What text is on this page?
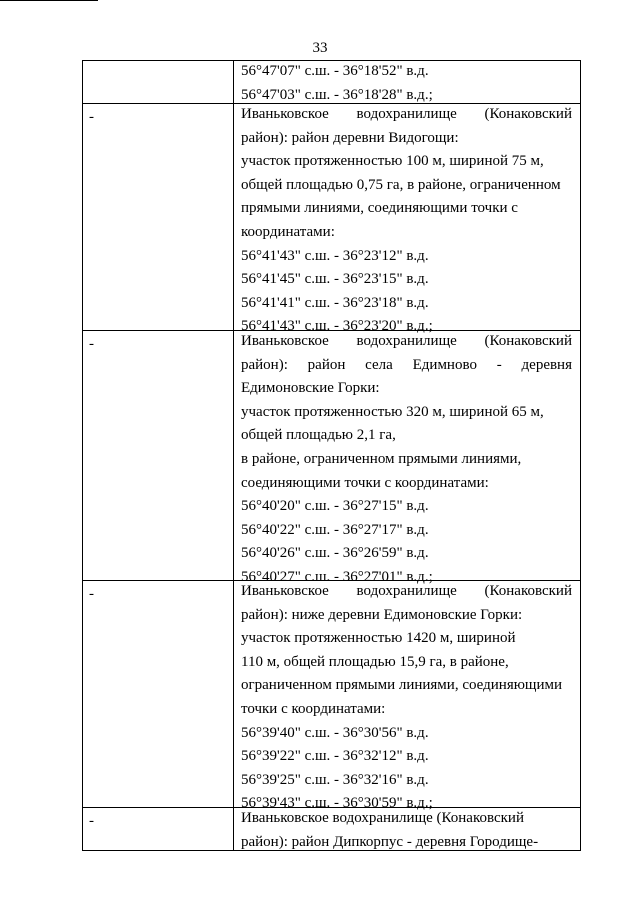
33
56°47'07" с.ш. - 36°18'52" в.д.
56°47'03" с.ш. - 36°18'28" в.д.;
-	Иваньковское водохранилище (Конаковский
район): район деревни Видогощи:
участок протяженностью 100 м, шириной 75 м,
общей площадью 0,75 га, в районе, ограниченном
прямыми линиями, соединяющими точки с
координатами:
56°41'43" с.ш. - 36°23'12" в.д.
56°41'45" с.ш. - 36°23'15" в.д.
56°41'41" с.ш. - 36°23'18" в.д.
56°41'43" с.ш. - 36°23'20" в.д.;
-	Иваньковское водохранилище (Конаковский
район): район села Едимново - деревня
Едимоновские Горки:
участок протяженностью 320 м, шириной 65 м,
общей площадью 2,1 га,
в районе, ограниченном прямыми линиями,
соединяющими точки с координатами:
56°40'20" с.ш. - 36°27'15" в.д.
56°40'22" с.ш. - 36°27'17" в.д.
56°40'26" с.ш. - 36°26'59" в.д.
56°40'27" с.ш. - 36°27'01" в.д.;
-	Иваньковское водохранилище (Конаковский
район): ниже деревни Едимоновские Горки:
участок протяженностью 1420 м, шириной
110 м, общей площадью 15,9 га, в районе,
ограниченном прямыми линиями, соединяющими
точки с координатами:
56°39'40" с.ш. - 36°30'56" в.д.
56°39'22" с.ш. - 36°32'12" в.д.
56°39'25" с.ш. - 36°32'16" в.д.
56°39'43" с.ш. - 36°30'59" в.д.;
-	Иваньковское водохранилище (Конаковский
район): район Дипкорпус - деревня Городище-
